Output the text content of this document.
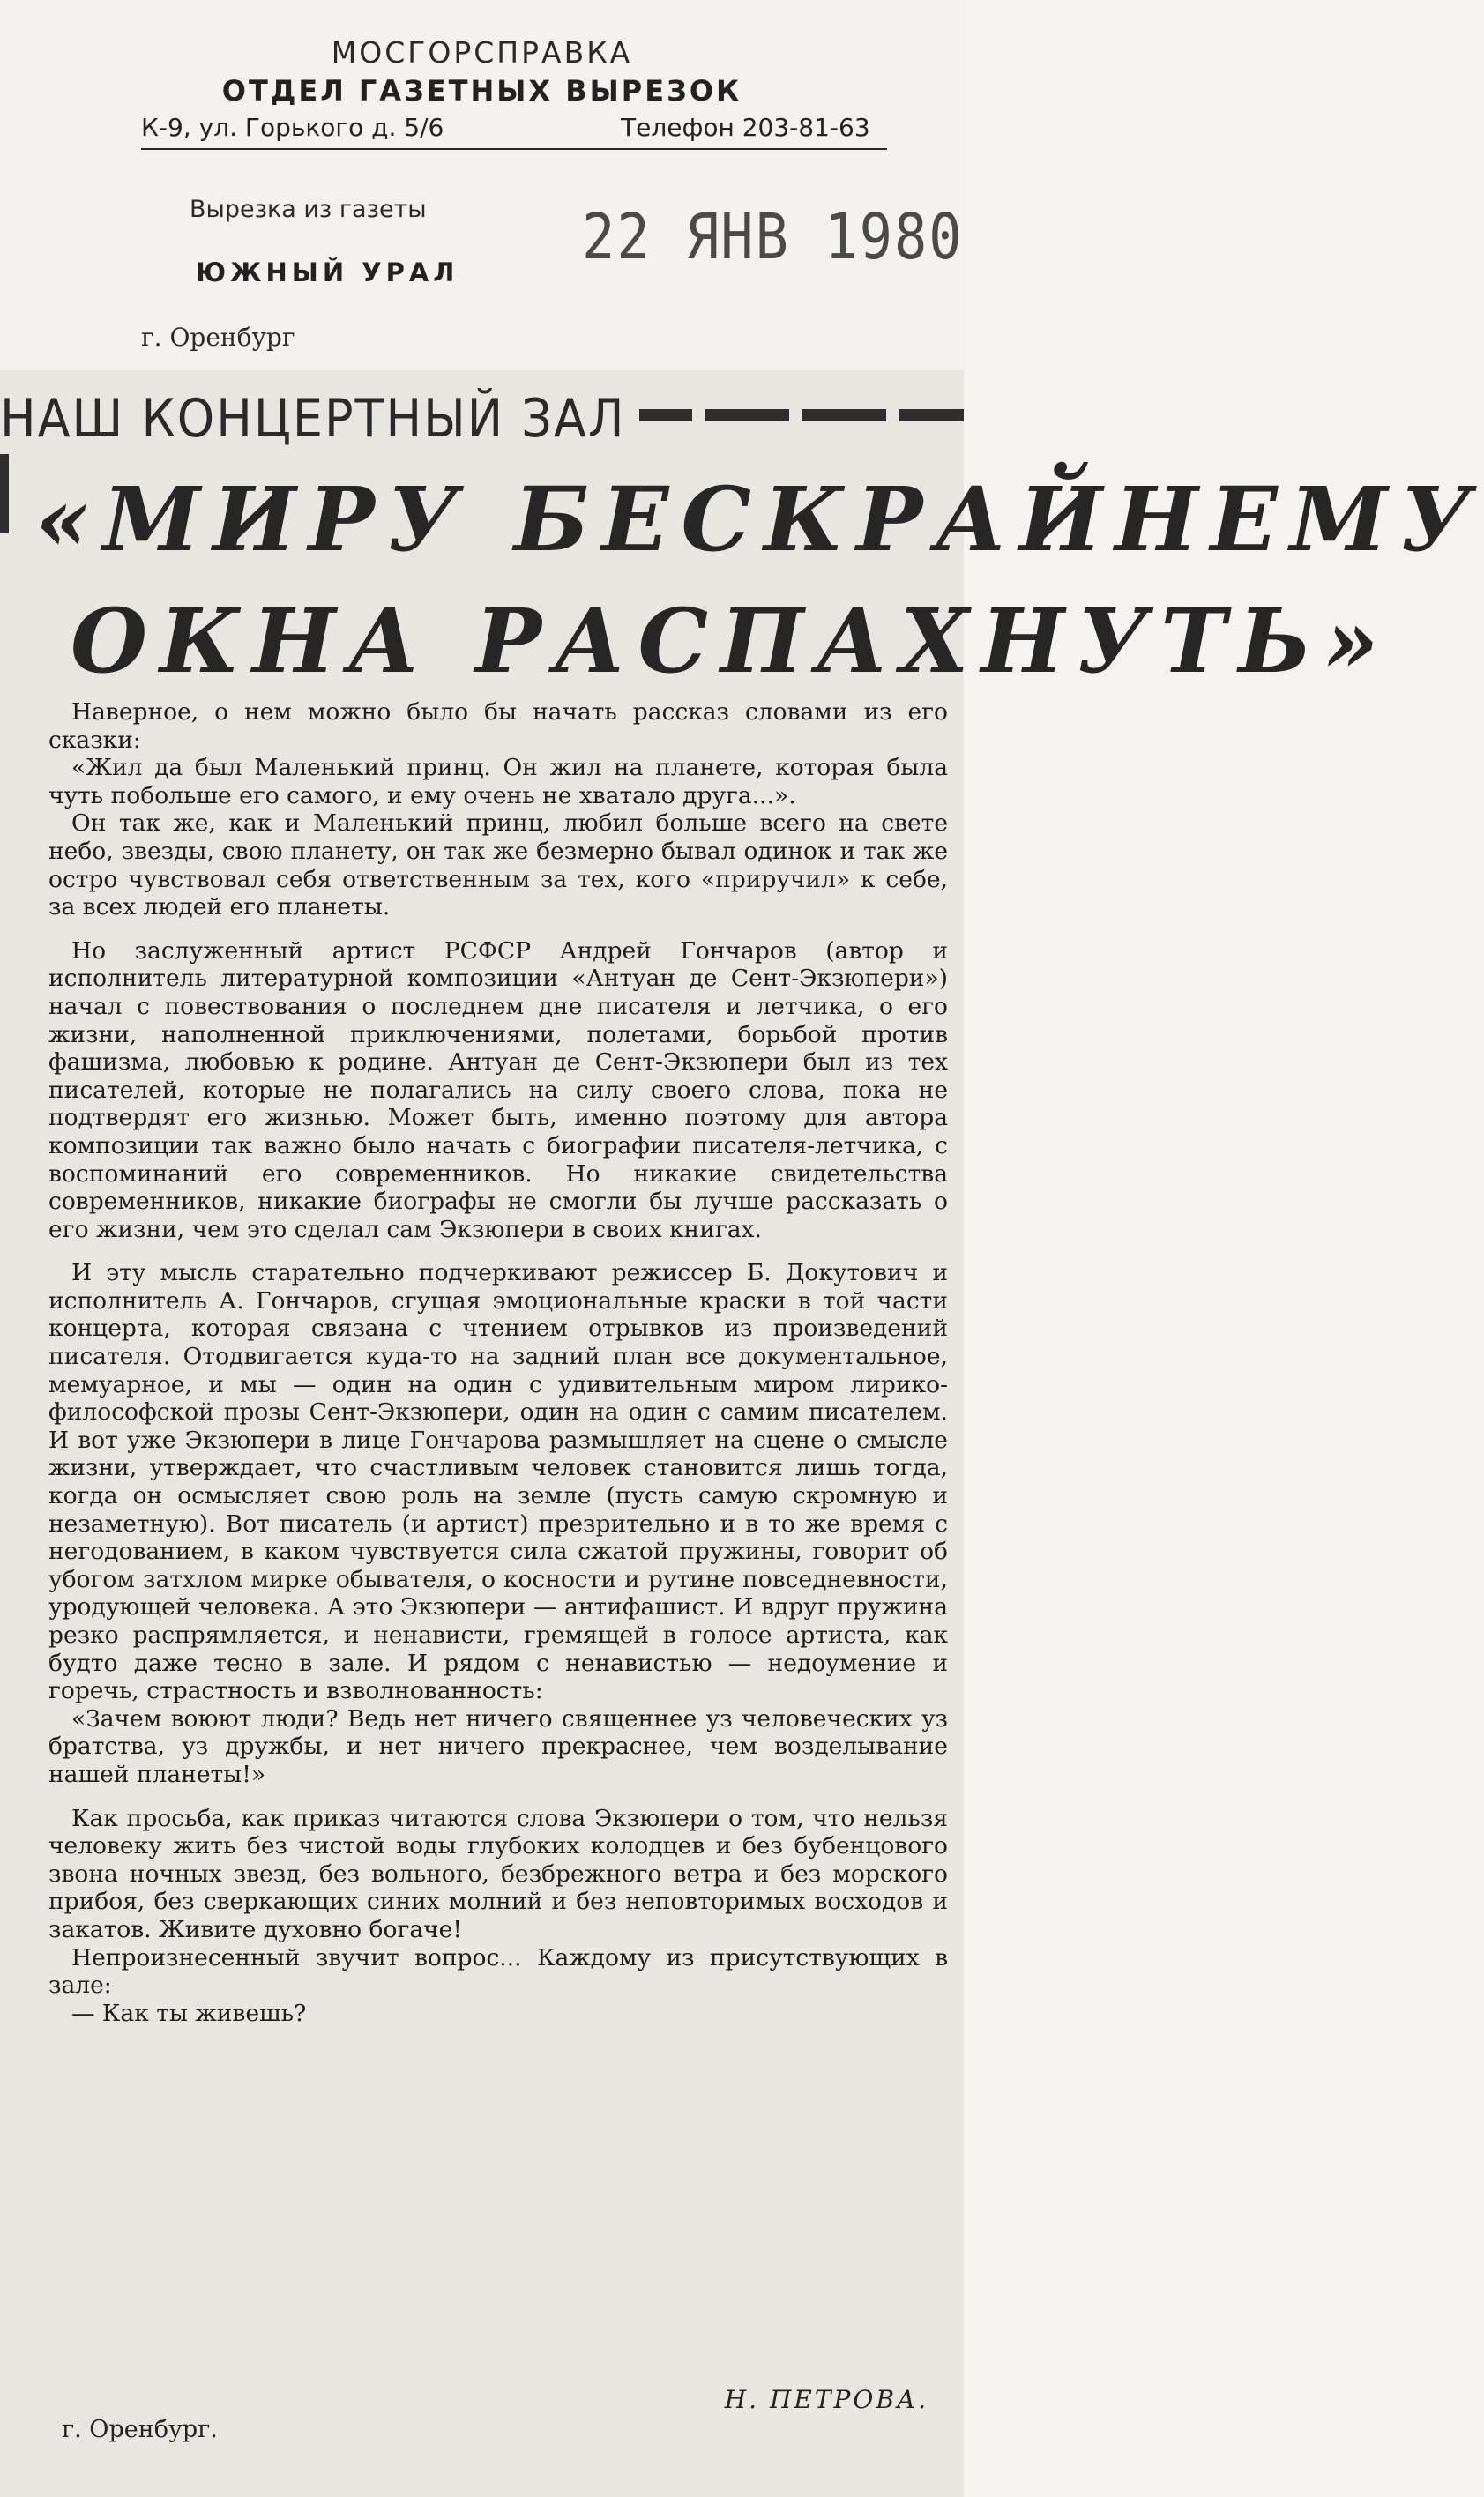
МОСГОРСПРАВКА
ОТДЕЛ ГАЗЕТНЫХ ВЫРЕЗОК
К-9, ул. Горького д. 5/6	Телефон 203-81-63
Вырезка из газеты	22 ЯНВ 1980
ЮЖНЫЙ УРАЛ
г. Оренбург
НАШ КОНЦЕРТНЫЙ ЗАЛ
«МИРУ БЕСКРАЙНЕМУ
ОКНА РАСПАХНУТЬ»

Наверное, о нем можно было бы начать рассказ словами из его сказки:

«Жил да был Маленький принц. Он жил на планете, которая была чуть побольше его самого, и ему очень не хватало друга...».

Он так же, как и Маленький принц, любил больше всего на свете небо, звезды, свою планету, он так же безмерно бывал одинок и так же остро чувствовал себя ответственным за тех, кого «приручил» к себе, за всех людей его планеты.

Но заслуженный артист РСФСР Андрей Гончаров (автор и исполнитель литературной композиции «Антуан де Сент-Экзюпери») начал с повествования о последнем дне писателя и летчика, о его жизни, наполненной приключениями, полетами, борьбой против фашизма, любовью к родине. Антуан де Сент-Экзюпери был из тех писателей, которые не полагались на силу своего слова, пока не подтвердят его жизнью. Может быть, именно поэтому для автора композиции так важно было начать с биографии писателя-летчика, с воспоминаний его современников. Но никакие свидетельства современников, никакие биографы не смогли бы лучше рассказать о его жизни, чем это сделал сам Экзюпери в своих книгах.

И эту мысль старательно подчеркивают режиссер Б. Докутович и исполнитель А. Гончаров, сгущая эмоциональные краски в той части концерта, которая связана с чтением отрывков из произведений писателя. Отодвигается куда-то на задний план все документальное, мемуарное, и мы — один на один с удивительным миром лирико-философской прозы Сент-Экзюпери, один на один с самим писателем. И вот уже Экзюпери в лице Гончарова размышляет на сцене о смысле жизни, утверждает, что счастливым человек становится лишь тогда, когда он осмысляет свою роль на земле (пусть самую скромную и незаметную). Вот писатель (и артист) презрительно и в то же время с негодованием, в каком чувствуется сила сжатой пружины, говорит об убогом затхлом мирке обывателя, о косности и рутине повседневности, уродующей человека. А это Экзюпери — антифашист. И вдруг пружина резко распрямляется, и ненависти, гремящей в голосе артиста, как будто даже тесно в зале. И рядом с ненавистью — недоумение и горечь, страстность и взволнованность:

«Зачем воюют люди? Ведь нет ничего священнее уз человеческих уз братства, уз дружбы, и нет ничего прекраснее, чем возделывание нашей планеты!»

Как просьба, как приказ читаются слова Экзюпери о том, что нельзя человеку жить без чистой воды глубоких колодцев и без бубенцового звона ночных звезд, без вольного, безбрежного ветра и без морского прибоя, без сверкающих синих молний и без неповторимых восходов и закатов. Живите духовно богаче!

Непроизнесенный звучит вопрос... Каждому из присутствующих в зале:

— Как ты живешь?

Н. ПЕТРОВА.
г. Оренбург.
